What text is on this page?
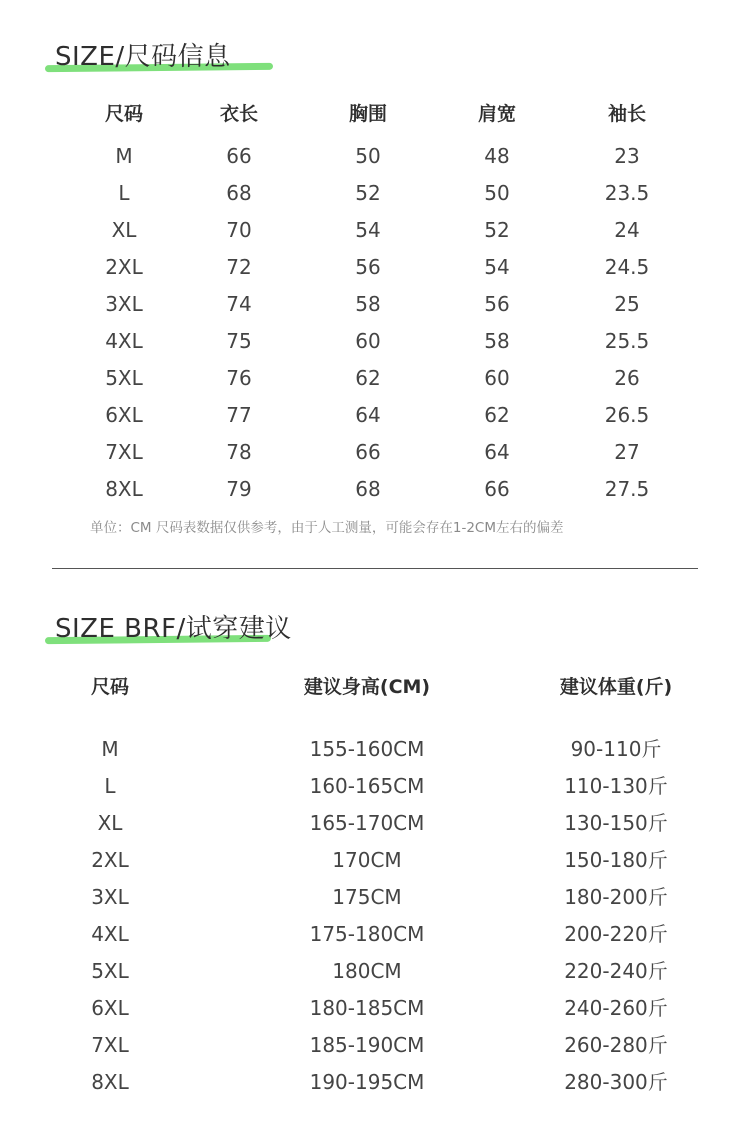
SIZE/尺码信息
尺码	衣长	胸围	肩宽	袖长
M	66	50	48	23
L	68	52	50	23.5
XL	70	54	52	24
2XL	72	56	54	24.5
3XL	74	58	56	25
4XL	75	60	58	25.5
5XL	76	62	60	26
6XL	77	64	62	26.5
7XL	78	66	64	27
8XL	79	68	66	27.5
单位：CM 尺码表数据仅供参考，由于人工测量，可能会存在1-2CM左右的偏差
SIZE BRF/试穿建议
尺码	建议身高(CM)	建议体重(斤)
M	155-160CM	90-110斤
L	160-165CM	110-130斤
XL	165-170CM	130-150斤
2XL	170CM	150-180斤
3XL	175CM	180-200斤
4XL	175-180CM	200-220斤
5XL	180CM	220-240斤
6XL	180-185CM	240-260斤
7XL	185-190CM	260-280斤
8XL	190-195CM	280-300斤
